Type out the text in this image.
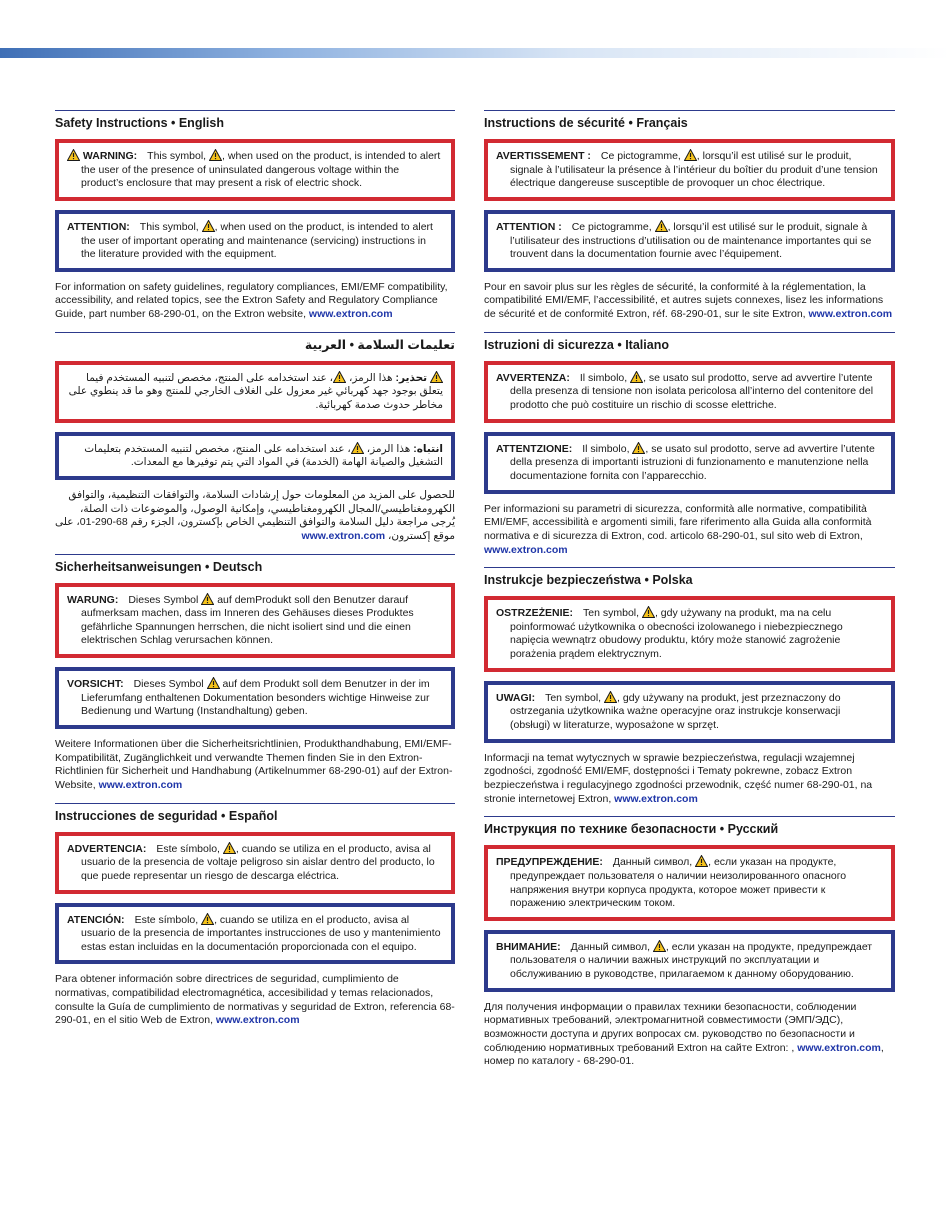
Safety Instructions • English
WARNING: This symbol, , when used on the product, is intended to alert the user of the presence of uninsulated dangerous voltage within the product’s enclosure that may present a risk of electric shock.
ATTENTION: This symbol, , when used on the product, is intended to alert the user of important operating and maintenance (servicing) instructions in the literature provided with the equipment.
For information on safety guidelines, regulatory compliances, EMI/EMF compatibility, accessibility, and related topics, see the Extron Safety and Regulatory Compliance Guide, part number 68-290-01, on the Extron website, www.extron.com
تعليمات السلامة • العربية
تحذير: هذا الرمز، ، عند استخدامه على المنتج، مخصص لتنبيه المستخدم فيما يتعلق بوجود جهد كهربائي غير معزول على الغلاف الخارجي للمنتج وهو ما قد ينطوي على مخاطر حدوث صدمة كهربائية.
انتباه: هذا الرمز، ، عند استخدامه على المنتج، مخصص لتنبيه المستخدم بتعليمات التشغيل والصيانة الهامة (الخدمة) في المواد التي يتم توفيرها مع المعدات.
للحصول على المزيد من المعلومات حول إرشادات السلامة، والتوافقات التنظيمية، والتوافق الكهرومغناطيسي/المجال الكهرومغناطيسي، وإمكانية الوصول، والموضوعات ذات الصلة، يُرجى مراجعة دليل السلامة والتوافق التنظيمي الخاص بإكسترون، الجزء رقم 68-290-01، على موقع إكسترون، www.extron.com
Sicherheitsanweisungen • Deutsch
WARUNG: Dieses Symbol  auf demProdukt soll den Benutzer darauf aufmerksam machen, dass im Inneren des Gehäuses dieses Produktes gefährliche Spannungen herrschen, die nicht isoliert sind und die einen elektrischen Schlag verursachen können.
VORSICHT: Dieses Symbol  auf dem Produkt soll dem Benutzer in der im Lieferumfang enthaltenen Dokumentation besonders wichtige Hinweise zur Bedienung und Wartung (Instandhaltung) geben.
Weitere Informationen über die Sicherheitsrichtlinien, Produkthandhabung, EMI/EMF-Kompatibilität, Zugänglichkeit und verwandte Themen finden Sie in den Extron-Richtlinien für Sicherheit und Handhabung (Artikelnummer 68-290-01) auf der Extron-Website, www.extron.com
Instrucciones de seguridad • Español
ADVERTENCIA: Este símbolo, , cuando se utiliza en el producto, avisa al usuario de la presencia de voltaje peligroso sin aislar dentro del producto, lo que puede representar un riesgo de descarga eléctrica.
ATENCIÓN: Este símbolo, , cuando se utiliza en el producto, avisa al usuario de la presencia de importantes instrucciones de uso y mantenimiento estas estan incluidas en la documentación proporcionada con el equipo.
Para obtener información sobre directrices de seguridad, cumplimiento de normativas, compatibilidad electromagnética, accesibilidad y temas relacionados, consulte la Guía de cumplimiento de normativas y seguridad de Extron, referencia 68-290-01, en el sitio Web de Extron, www.extron.com
Instructions de sécurité • Français
AVERTISSEMENT : Ce pictogramme, , lorsqu’il est utilisé sur le produit, signale à l’utilisateur la présence à l’intérieur du boîtier du produit d’une tension électrique dangereuse susceptible de provoquer un choc électrique.
ATTENTION : Ce pictogramme, , lorsqu’il est utilisé sur le produit, signale à l’utilisateur des instructions d’utilisation ou de maintenance importantes qui se trouvent dans la documentation fournie avec l’équipement.
Pour en savoir plus sur les règles de sécurité, la conformité à la réglementation, la compatibilité EMI/EMF, l’accessibilité, et autres sujets connexes, lisez les informations de sécurité et de conformité Extron, réf. 68-290-01, sur le site Extron, www.extron.com
Istruzioni di sicurezza • Italiano
AVVERTENZA: Il simbolo, , se usato sul prodotto, serve ad avvertire l’utente della presenza di tensione non isolata pericolosa all’interno del contenitore del prodotto che può costituire un rischio di scosse elettriche.
ATTENTZIONE: Il simbolo, , se usato sul prodotto, serve ad avvertire l’utente della presenza di importanti istruzioni di funzionamento e manutenzione nella documentazione fornita con l’apparecchio.
Per informazioni su parametri di sicurezza, conformità alle normative, compatibilità EMI/EMF, accessibilità e argomenti simili, fare riferimento alla Guida alla conformità normativa e di sicurezza di Extron, cod. articolo 68-290-01, sul sito web di Extron, www.extron.com
Instrukcje bezpieczeństwa • Polska
OSTRZEŻENIE: Ten symbol, , gdy używany na produkt, ma na celu poinformować użytkownika o obecności izolowanego i niebezpiecznego napięcia wewnątrz obudowy produktu, który może stanowić zagrożenie porażenia prądem elektrycznym.
UWAGI: Ten symbol, , gdy używany na produkt, jest przeznaczony do ostrzegania użytkownika ważne operacyjne oraz instrukcje konserwacji (obsługi) w literaturze, wyposażone w sprzęt.
Informacji na temat wytycznych w sprawie bezpieczeństwa, regulacji wzajemnej zgodności, zgodność EMI/EMF, dostępności i Tematy pokrewne, zobacz Extron bezpieczeństwa i regulacyjnego zgodności przewodnik, część numer 68-290-01, na stronie internetowej Extron, www.extron.com
Инструкция по технике безопасности • Русский
ПРЕДУПРЕЖДЕНИЕ: Данный символ, , если указан на продукте, предупреждает пользователя о наличии неизолированного опасного напряжения внутри корпуса продукта, которое может привести к поражению электрическим током.
ВНИМАНИЕ: Данный символ, , если указан на продукте, предупреждает пользователя о наличии важных инструкций по эксплуатации и обслуживанию в руководстве, прилагаемом к данному оборудованию.
Для получения информации о правилах техники безопасности, соблюдении нормативных требований, электромагнитной совместимости (ЭМП/ЭДС), возможности доступа и других вопросах см. руководство по безопасности и соблюдению нормативных требований Extron на сайте Extron: , www.extron.com, номер по каталогу - 68-290-01.
